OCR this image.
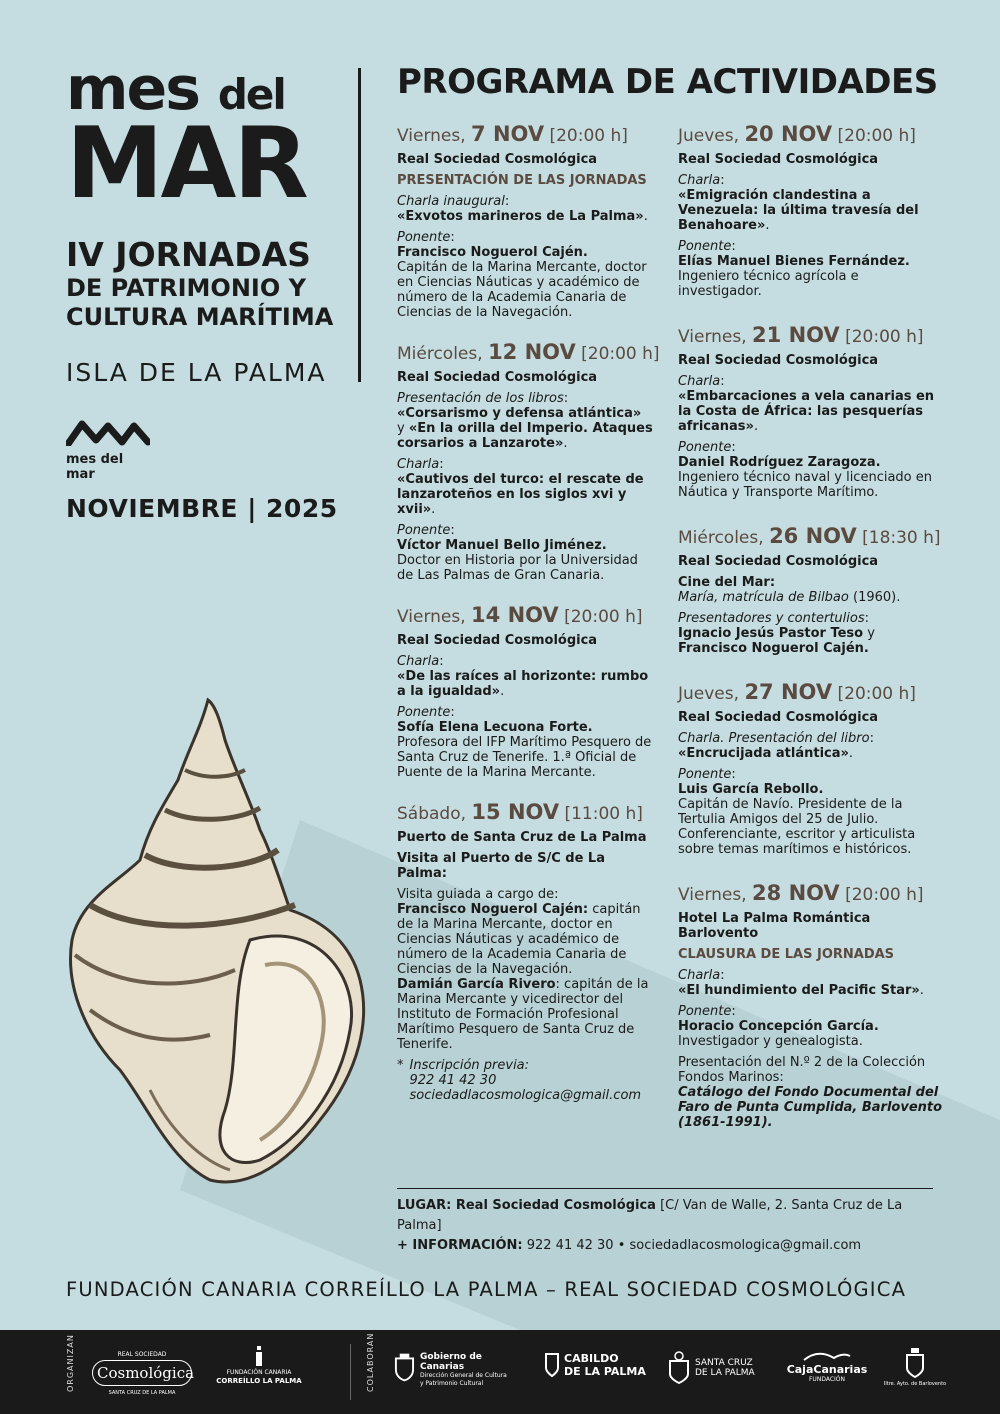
mes del
MAR
IV JORNADAS
DE PATRIMONIO Y
CULTURA MARÍTIMA
ISLA DE LA PALMA
mes del mar
NOVIEMBRE | 2025
PROGRAMA DE ACTIVIDADES
Viernes, 7 NOV [20:00 h]
Real Sociedad Cosmológica
PRESENTACIÓN DE LAS JORNADAS
Charla inaugural:
«Exvotos marineros de La Palma».
Ponente:
Francisco Noguerol Cajén.
Capitán de la Marina Mercante, doctor en Ciencias Náuticas y académico de número de la Academia Canaria de Ciencias de la Navegación.
Miércoles, 12 NOV [20:00 h]
Real Sociedad Cosmológica
Presentación de los libros:
«Corsarismo y defensa atlántica»
y «En la orilla del Imperio. Ataques corsarios a Lanzarote».
Charla:
«Cautivos del turco: el rescate de lanzaroteños en los siglos xvi y xvii».
Ponente:
Víctor Manuel Bello Jiménez.
Doctor en Historia por la Universidad de Las Palmas de Gran Canaria.
Viernes, 14 NOV [20:00 h]
Real Sociedad Cosmológica
Charla:
«De las raíces al horizonte: rumbo a la igualdad».
Ponente:
Sofía Elena Lecuona Forte.
Profesora del IFP Marítimo Pesquero de Santa Cruz de Tenerife. 1.ª Oficial de Puente de la Marina Mercante.
Sábado, 15 NOV [11:00 h]
Puerto de Santa Cruz de La Palma
Visita al Puerto de S/C de La Palma:
Visita guiada a cargo de:
Francisco Noguerol Cajén: capitán de la Marina Mercante, doctor en Ciencias Náuticas y académico de número de la Academia Canaria de Ciencias de la Navegación.
Damián García Rivero: capitán de la Marina Mercante y vicedirector del Instituto de Formación Profesional Marítimo Pesquero de Santa Cruz de Tenerife.
* Inscripción previa:
922 41 42 30
sociedadlacosmologica@gmail.com
Jueves, 20 NOV [20:00 h]
Real Sociedad Cosmológica
Charla:
«Emigración clandestina a Venezuela: la última travesía del Benahoare».
Ponente:
Elías Manuel Bienes Fernández.
Ingeniero técnico agrícola e investigador.
Viernes, 21 NOV [20:00 h]
Real Sociedad Cosmológica
Charla:
«Embarcaciones a vela canarias en la Costa de África: las pesquerías africanas».
Ponente:
Daniel Rodríguez Zaragoza.
Ingeniero técnico naval y licenciado en Náutica y Transporte Marítimo.
Miércoles, 26 NOV [18:30 h]
Real Sociedad Cosmológica
Cine del Mar:
María, matrícula de Bilbao (1960).
Presentadores y contertulios:
Ignacio Jesús Pastor Teso y
Francisco Noguerol Cajén.
Jueves, 27 NOV [20:00 h]
Real Sociedad Cosmológica
Charla. Presentación del libro:
«Encrucijada atlántica».
Ponente:
Luis García Rebollo.
Capitán de Navío. Presidente de la Tertulia Amigos del 25 de Julio. Conferenciante, escritor y articulista sobre temas marítimos e históricos.
Viernes, 28 NOV [20:00 h]
Hotel La Palma Romántica Barlovento
CLAUSURA DE LAS JORNADAS
Charla:
«El hundimiento del Pacific Star».
Ponente:
Horacio Concepción García.
Investigador y genealogista.
Presentación del N.º 2 de la Colección Fondos Marinos:
Catálogo del Fondo Documental del Faro de Punta Cumplida, Barlovento (1861-1991).
LUGAR: Real Sociedad Cosmológica [C/ Van de Walle, 2. Santa Cruz de La Palma]
+ INFORMACIÓN: 922 41 42 30 • sociedadlacosmologica@gmail.com
FUNDACIÓN CANARIA CORREÍLLO LA PALMA – REAL SOCIEDAD COSMOLÓGICA
ORGANIZAN	REAL SOCIEDAD
Cosmológica
SANTA CRUZ DE LA PALMA
FUNDACIÓN CANARIA
CORREÍLLO LA PALMA	COLABORAN	Gobierno de Canarias
Dirección General de Cultura
y Patrimonio Cultural
CABILDO
DE LA PALMA
SANTA CRUZ
DE LA PALMA	CajaCanarias
FUNDACIÓN
Iltre. Ayto. de Barlovento
